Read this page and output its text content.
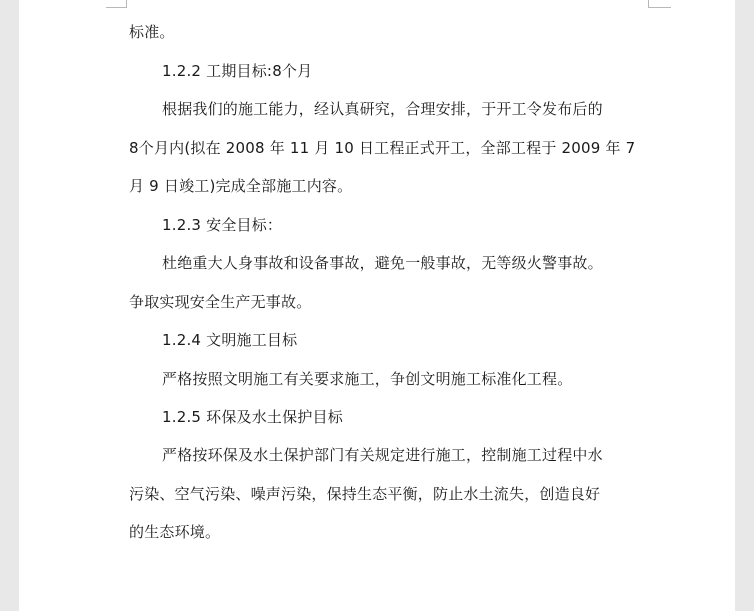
标准。
1.2.2 工期目标:8个月
根据我们的施工能力，经认真研究，合理安排，于开工令发布后的
8个月内(拟在 2008 年 11 月 10 日工程正式开工，全部工程于 2009 年 7
月 9 日竣工)完成全部施工内容。
1.2.3 安全目标：
杜绝重大人身事故和设备事故，避免一般事故，无等级火警事故。
争取实现安全生产无事故。
1.2.4 文明施工目标
严格按照文明施工有关要求施工，争创文明施工标准化工程。
1.2.5 环保及水土保护目标
严格按环保及水土保护部门有关规定进行施工，控制施工过程中水
污染、空气污染、噪声污染，保持生态平衡，防止水土流失，创造良好
的生态环境。
